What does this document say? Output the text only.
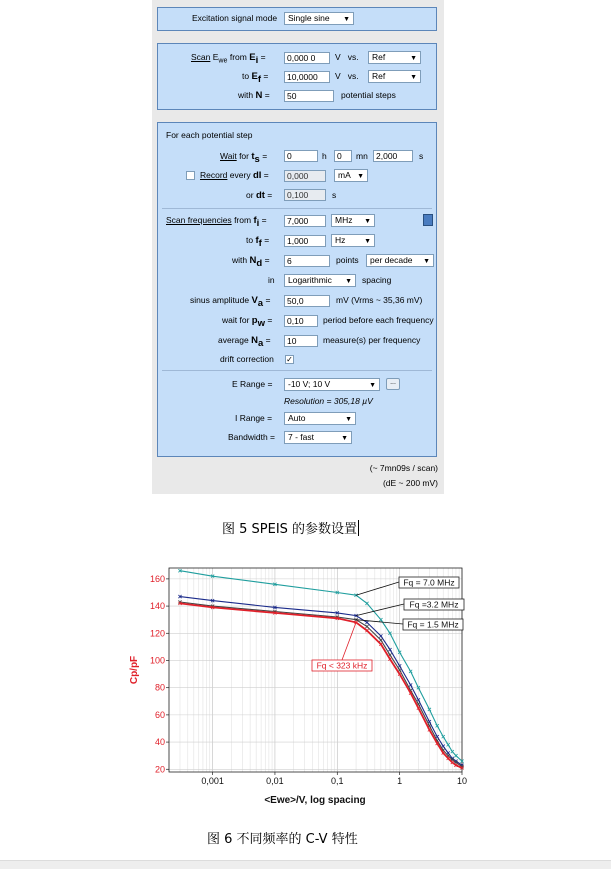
Excitation signal mode	Single sine ▼
Scan $E_{we}$ from $E_i$ =	0,000 0	V vs.	Ref	▼
to $E_f$ =	10,0000	V vs.	Ref	▼
with N =	50	potential steps
For each potential step
Wait for $t_s$ =	0	h	0	mn 2,000	s
Record every dI =	0,000	mA ▼
or dt =	0,100	s
Scan frequencies from $f_i$ =	7,000	MHz ▼
to $f_f$ =	1,000	Hz	▼
with $N_d$ =	6	points	per decade ▼
in	Logarithmic ▼ spacing
sinus amplitude $V_a$ =	50,0	mV (Vrms ~ 35,36 mV)
wait for $p_w$ =	0,10	period before each frequency
average $N_a$ =	10	measure(s) per frequency
drift correction ✓
E Range =	-10 V; 10 V	▼	...
Resolution = 305,18 µV
I Range =	Auto	▼
Bandwidth =	7 - fast	▼
(~ 7mn09s / scan)
(dE ~ 200 mV)
图 5 SPEIS 的参数设置
20
40
60
80
100
120
140
160
0,001	0,01	0,1	1	10
Fq = 7.0 MHz
Fq =3.2 MHz
Fq = 1.5 MHz
Fq < 323 kHz
Cp/pF
<Ewe>/V, log spacing
图 6 不同频率的 C-V 特性
